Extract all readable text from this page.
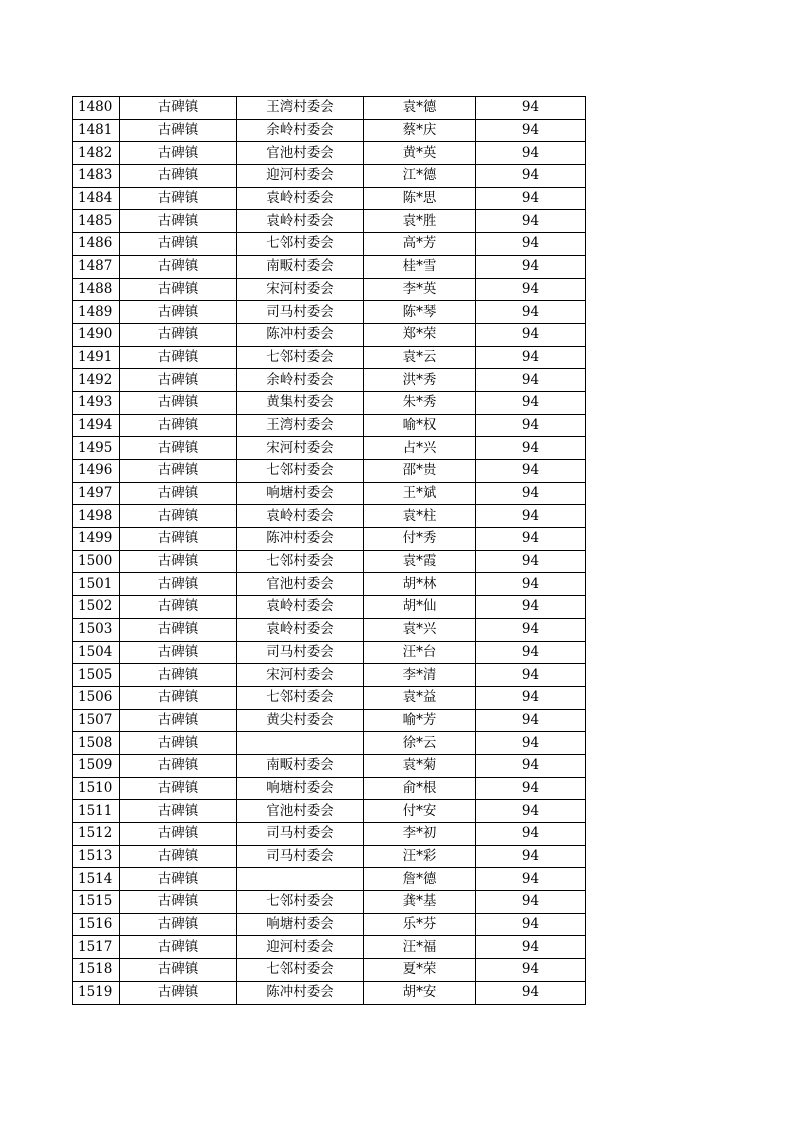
1480	古碑镇	王湾村委会	袁*德	94
1481	古碑镇	余岭村委会	蔡*庆	94
1482	古碑镇	官池村委会	黄*英	94
1483	古碑镇	迎河村委会	江*德	94
1484	古碑镇	袁岭村委会	陈*思	94
1485	古碑镇	袁岭村委会	袁*胜	94
1486	古碑镇	七邻村委会	高*芳	94
1487	古碑镇	南畈村委会	桂*雪	94
1488	古碑镇	宋河村委会	李*英	94
1489	古碑镇	司马村委会	陈*琴	94
1490	古碑镇	陈冲村委会	郑*荣	94
1491	古碑镇	七邻村委会	袁*云	94
1492	古碑镇	余岭村委会	洪*秀	94
1493	古碑镇	黄集村委会	朱*秀	94
1494	古碑镇	王湾村委会	喻*权	94
1495	古碑镇	宋河村委会	占*兴	94
1496	古碑镇	七邻村委会	邵*贵	94
1497	古碑镇	响塘村委会	王*斌	94
1498	古碑镇	袁岭村委会	袁*柱	94
1499	古碑镇	陈冲村委会	付*秀	94
1500	古碑镇	七邻村委会	袁*霞	94
1501	古碑镇	官池村委会	胡*林	94
1502	古碑镇	袁岭村委会	胡*仙	94
1503	古碑镇	袁岭村委会	袁*兴	94
1504	古碑镇	司马村委会	汪*台	94
1505	古碑镇	宋河村委会	李*清	94
1506	古碑镇	七邻村委会	袁*益	94
1507	古碑镇	黄尖村委会	喻*芳	94
1508	古碑镇		徐*云	94
1509	古碑镇	南畈村委会	袁*菊	94
1510	古碑镇	响塘村委会	俞*根	94
1511	古碑镇	官池村委会	付*安	94
1512	古碑镇	司马村委会	李*初	94
1513	古碑镇	司马村委会	汪*彩	94
1514	古碑镇		詹*德	94
1515	古碑镇	七邻村委会	龚*基	94
1516	古碑镇	响塘村委会	乐*芬	94
1517	古碑镇	迎河村委会	汪*福	94
1518	古碑镇	七邻村委会	夏*荣	94
1519	古碑镇	陈冲村委会	胡*安	94
